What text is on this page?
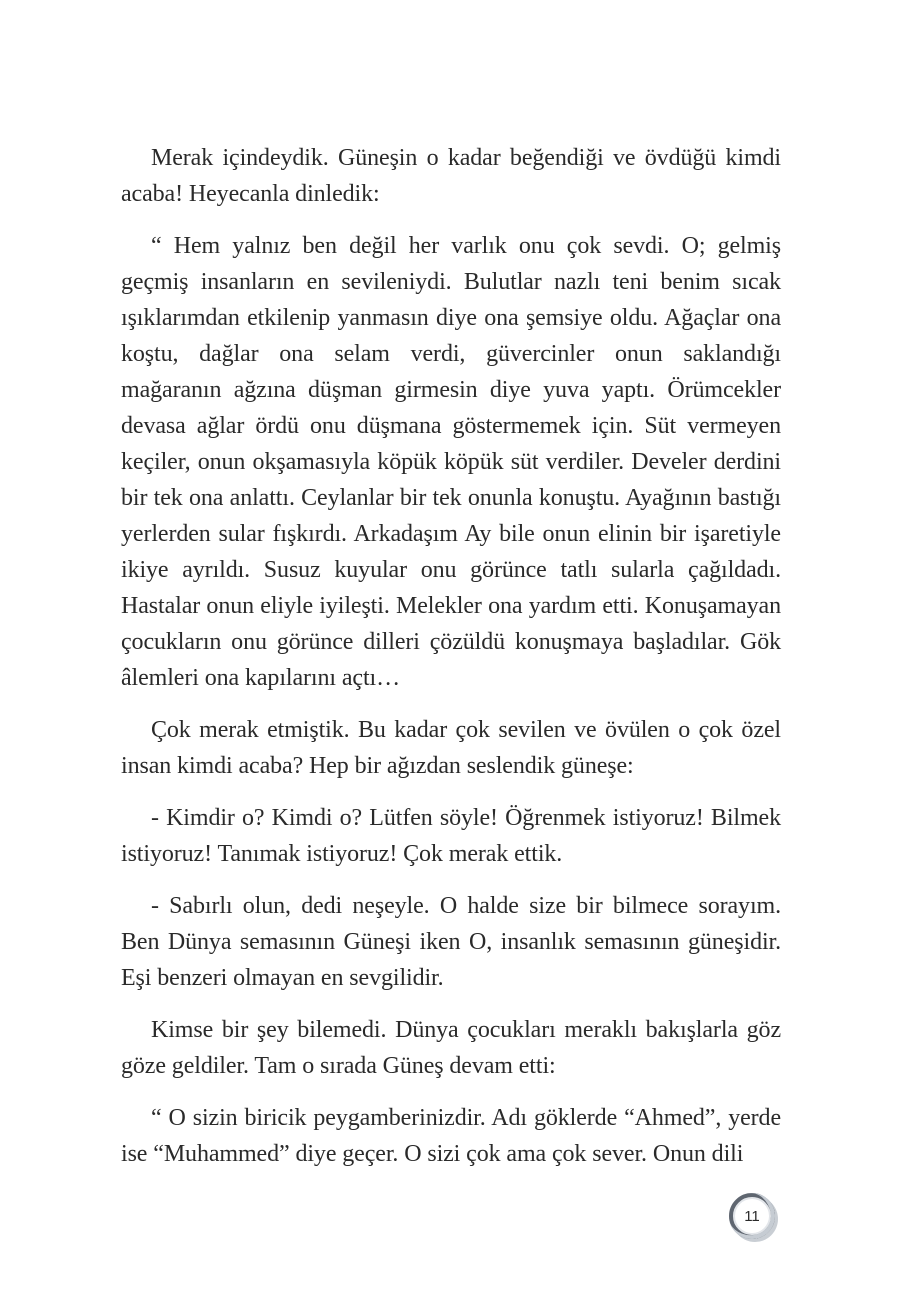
Merak içindeydik. Güneşin o kadar beğendiği ve övdüğü kimdi acaba! Heyecanla dinledik:

“ Hem yalnız ben değil her varlık onu çok sevdi. O; gelmiş geçmiş insanların en sevileniydi. Bulutlar nazlı teni benim sıcak ışıklarımdan etkilenip yanmasın diye ona şemsiye oldu. Ağaçlar ona koştu, dağlar ona selam verdi, güvercinler onun saklandığı mağaranın ağzına düşman girmesin diye yuva yaptı. Örümcekler devasa ağlar ördü onu düşmana göstermemek için. Süt vermeyen keçiler, onun okşamasıyla köpük köpük süt verdiler. Develer derdini bir tek ona anlattı. Ceylanlar bir tek onunla konuştu. Ayağının bastığı yerlerden sular fışkırdı. Arkadaşım Ay bile onun elinin bir işaretiyle ikiye ayrıldı. Susuz kuyular onu görünce tatlı sularla çağıldadı. Hastalar onun eliyle iyileşti. Melekler ona yardım etti. Konuşamayan çocukların onu görünce dilleri çözüldü konuşmaya başladılar. Gök âlemleri ona kapılarını açtı…

Çok merak etmiştik. Bu kadar çok sevilen ve övülen o çok özel insan kimdi acaba? Hep bir ağızdan seslendik güneşe:

- Kimdir o? Kimdi o? Lütfen söyle! Öğrenmek istiyoruz! Bilmek istiyoruz! Tanımak istiyoruz! Çok merak ettik.

- Sabırlı olun, dedi neşeyle. O halde size bir bilmece sorayım. Ben Dünya semasının Güneşi iken O, insanlık semasının güneşidir. Eşi benzeri olmayan en sevgilidir.

Kimse bir şey bilemedi. Dünya çocukları meraklı bakışlarla göz göze geldiler. Tam o sırada Güneş devam etti:

“ O sizin biricik peygamberinizdir. Adı göklerde “Ahmed”, yerde ise “Muhammed” diye geçer. O sizi çok ama çok sever. Onun dili

11
